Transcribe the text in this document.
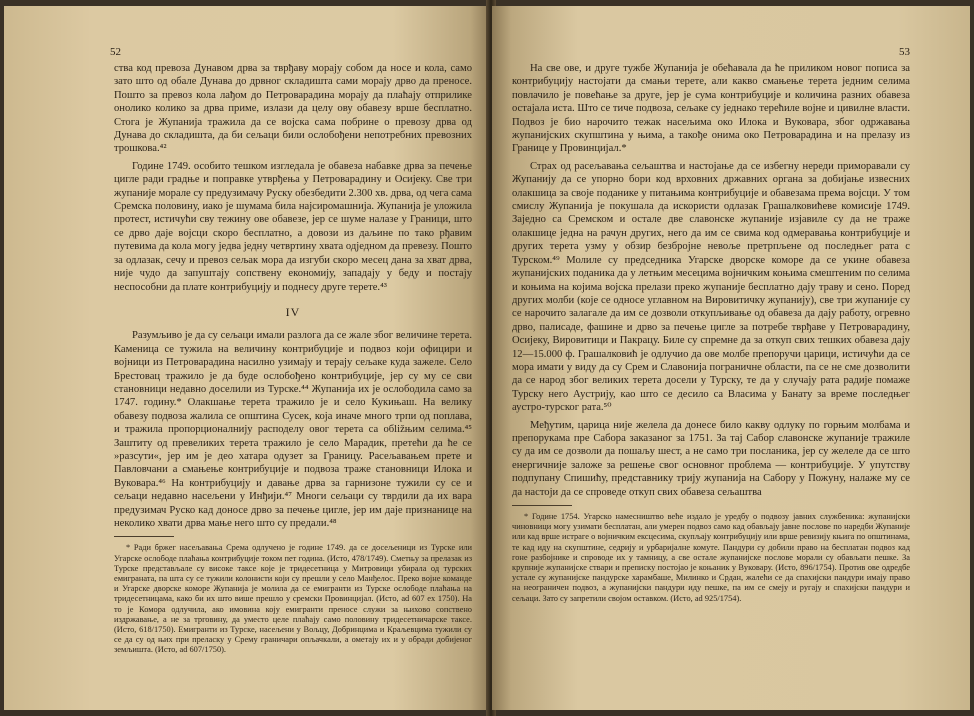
52

ства код превоза Дунавом дрва за тврђаву морају собом да носе и кола, само зато што од обале Дунава до дрвног складишта сами морају дрво да преносе. Пошто за превоз кола лађом до Петроварадина морају да плаћају отприлике онолико колико за дрва приме, излази да целу ову обавезу врше бесплатно. Стога је Жупанија тражила да се војска сама побрине о превозу дрва од Дунава до складишта, да би сељаци били ослобођени непотребних превозних трошкова.⁴²

Године 1749. особито тешком изгледала је обавеза набавке дрва за печење цигле ради градње и поправке утврђења у Петроварадину и Осијеку. Све три жупаније морале су предузимачу Руску обезбедити 2.300 хв. дрва, од чега сама Сремска половину, иако је шумама била најсиромашнија. Жупанија је уложила протест, истичући сву тежину ове обавезе, јер се шуме налазе у Граници, што се дрво даје војсци скоро бесплатно, а довози из даљине по тако рђавим путевима да кола могу једва једну четвртину хвата одједном да превезу. Пошто за одлазак, сечу и превоз сељак мора да изгуби скоро месец дана за хват дрва, није чудо да запуштају сопствену економију, западају у беду и постају неспособни да плате контрибуцију и поднесу друге терете.⁴³

IV

Разумљиво је да су сељаци имали разлога да се жале због величине терета. Каменица се тужила на величину контрибуције и подвоз који официри и војници из Петроварадина насилно узимају и терају сељаке куда зажеле. Село Брестовац тражило је да буде ослобођено контрибуције, јер су му се сви становници недавно доселили из Турске.⁴⁴ Жупанија их је ослободила само за 1747. годину.* Олакшање терета тражило је и село Кукињаш. На велику обавезу подвоза жалила се општина Сусек, која иначе много трпи од поплава, и тражила пропорционалнију расподелу овог терета са обližњим селима.⁴⁵ Заштиту од превеликих терета тражило је село Марадик, претећи да ће се »разсути«, јер им је део хатара одузет за Границу. Расељавањем прете и Павловчани а смањење контрибуције и подвоза траже становници Илока и Вуковара.⁴⁶ На контрибуцију и давање дрва за гарнизоне тужили су се и сељаци недавно насељени у Инђији.⁴⁷ Многи сељаци су тврдили да их вара предузимач Руско кад доносе дрво за печење цигле, јер им даје признанице на неколико хвати дрва мање него што су предали.⁴⁸

* Ради бржег насељавања Срема одлучено је године 1749. да се досељеници из Турске или Угарске ослободе плаћања контрибуције током пет година. (Исто, 478/1749). Сметњу за прелазак из Турске представљале су високе таксе које је тридесетница у Митровици убирала од турских емиграната, па шта су се тужили колонисти који су прешли у село Манђелос. Преко војне команде и Угарске дворске коморе Жупанија је молила да се емигранти из Турске ослободе плаћања на тридесетницама, како би их што више прешло у сремски Провинцијал. (Исто, ad 607 ex 1750). На то је Комора одлучила, ако имовина коју емигранти преносе служи за њихово сопствено издржавање, а не за трговину, да уместо целе плаћају само половину тридесетничарске таксе. (Исто, 618/1750). Емигранти из Турске, насељени у Вољцу, Добринцима и Краљевцима тужили су се да су од њих при преласку у Срему граничари опљачкали, а ометају их и у обради добијеног земљишта. (Исто, ad 607/1750).

53

На све ове, и друге тужбе Жупанија је обећавала да ће приликом новог пописа за контрибуцију настојати да смањи терете, али какво смањење терета једним селима повлачило је повећање за друге, јер је сума контрибуције и количина разних обавеза остајала иста. Што се тиче подвоза, сељаке су једнако терећиле војне и цивилне власти. Подвоз је био нарочито тежак насељима око Илока и Вуковара, због одржавања жупанијских скупштина у њима, а такође онима око Петроварадина и на прелазу из Границе у Провинцијал.*

Страх од расељавања сељаштва и настојање да се избегну нереди приморавали су Жупанију да се упорно бори код врховних државних органа за добијање извесних олакшица за своје поданике у питањима контрибуције и обавезама према војсци. У том смислу Жупанија је покушала да искористи одлазак Грашалковићеве комисије 1749. Заједно са Сремском и осталe две славонске жупаније изјавиле су да не траже олакшице једна на рачун других, него да им се свима код одмеравања контрибуције и других терета узму у обзир безброjне невоље претрпљене од последњег рата с Турском.⁴⁹ Молиле су председника Угарске дворске коморе да се укине обавеза жупанијских поданика да у летњим месецима војничким коњима смештеним по селима и коњима на којима војска прелази преко жупаније бесплатно дају траву и сено. Поред других молби (које се односе углавном на Вировитичку жупанију), све три жупаније су се нарочито залагале да им се дозволи откупљивање од обавеза да дају работу, огревно дрво, палисаде, фашине и дрво за печење цигле за потребе тврђаве у Петроварадину, Осијеку, Вировитици и Пакрацу. Биле су спремне да за откуп свих тешких обавеза дају 12—15.000 ф. Грашалковић је одлучио да ове молбе препоручи царици, истичући да се мора имати у виду да су Срем и Славонија пограничне области, па се не сме дозволити да се народ због великих терета досели у Турску, те да у случају рата радије помаже Турску него Аустрију, као што се десило са Власима у Банату за време последњег аустро-турског рата.⁵⁰

Међутим, царица није желела да донесе било какву одлуку по горњим молбама и препорукама пре Сабора заказаног за 1751. За тај Сабор славонске жупаније тражиле су да им се дозволи да пошаљу шест, а не само три посланика, јер су желеле да се што енергичније заложе за решење свог основног проблема — контрибуције. У упутству подпупану Спишићу, представнику трију жупанија на Сабору у Пожуну, налаже му се да настоји да се спроведе откуп свих обавеза сељаштва

* Године 1754. Угарско намесништво веће издало је уредбу о подвозу јавних службеника: жупанијски чиновници могу узимати бесплатан, али умерен подвоз само кад обављају јавне послове по наредби Жупаније или кад врше истраге о војничким ексцесима, скупљају контрибуцију или врше ревизију књига по општинама, те кад иду на скупштине, седрију и урбаријалне комуте. Пандури су добили право на бесплатан подвоз кад гоне разбојнике и спроводе их у тамницу, а све остале жупанијске послове морали су обављати пешке. За крупније жупанијске ствари и преписку постоjао је коњаник у Вуковару. (Исто, 896/1754). Против ове одредбе устале су жупанијске пандурске харамбаше, Милинко и Срдан, жалећи се да спахијски пандури имају право на неограничен подвоз, а жупанијски пандури иду пешке, па им се смеју и ругају и спахијски пандури и сељаци. Зато су запретили својом оставком. (Исто, ad 925/1754).
